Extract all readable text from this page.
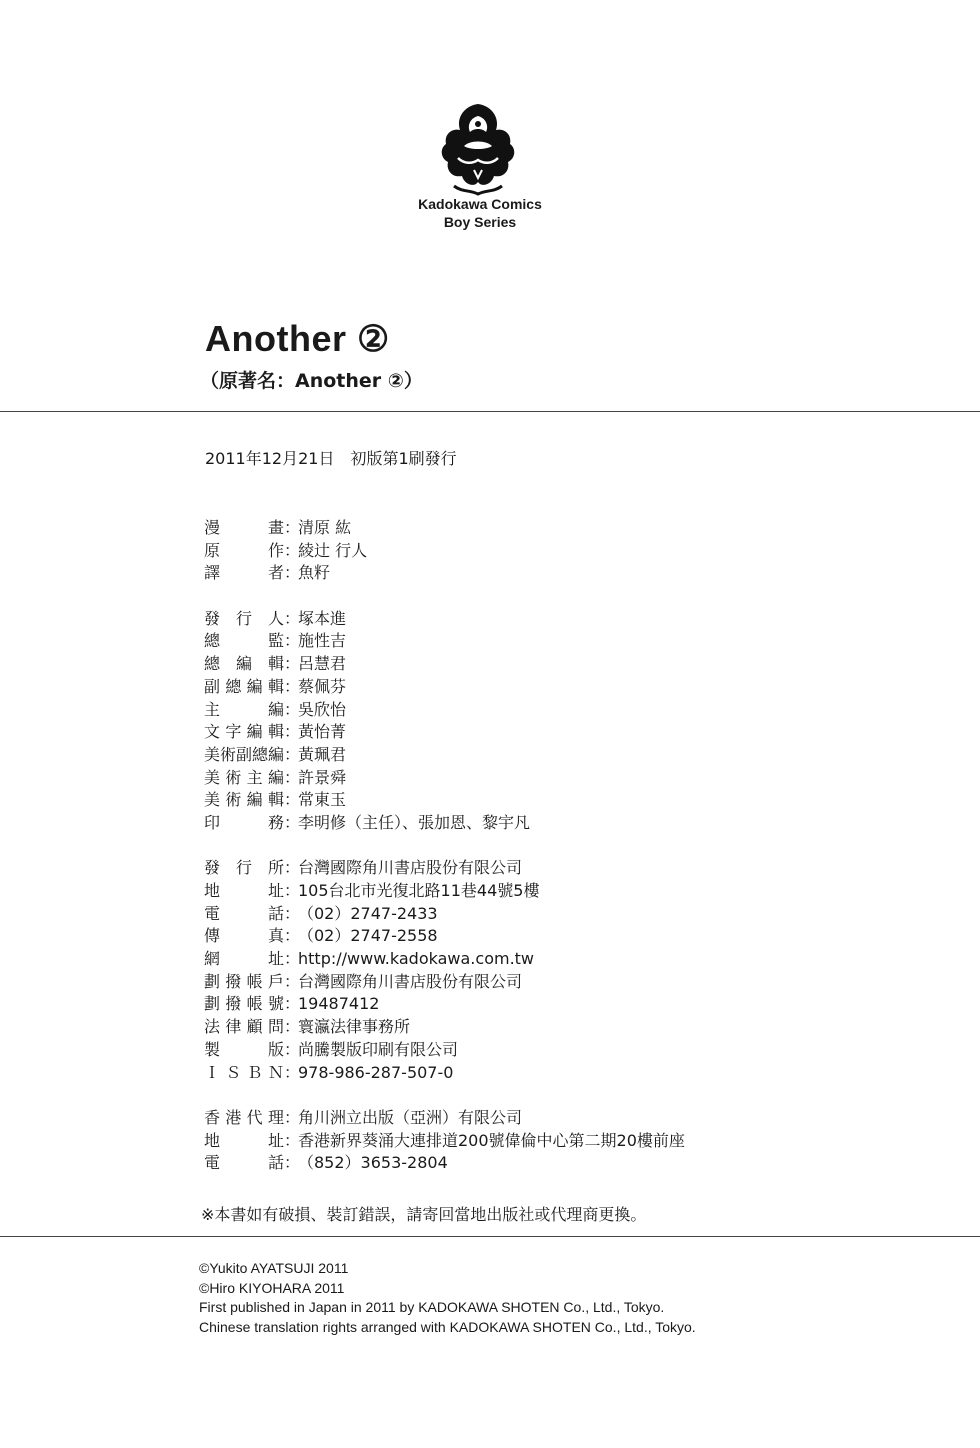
Kadokawa Comics
Boy Series
Another ②
（原著名：Another ②）
2011年12月21日　初版第1刷發行
漫　畫 ：
清原 紘
原　作 ：
綾辻 行人
譯　者 ：
魚籽
發行人 ：
塚本進
總　監 ：
施性吉
總編輯 ：
呂慧君
副總編輯 ：
蔡佩芬
主　編 ：
吳欣怡
文字編輯 ：
黃怡菁
美術副總編 ：
黃珮君
美術主編 ：
許景舜
美術編輯 ：
常東玉
印　務 ：
李明修（主任）、張加恩、黎宇凡
發行所 ：
台灣國際角川書店股份有限公司
地　址 ：
105台北市光復北路11巷44號5樓
電　話 ：
（02）2747-2433
傳　真 ：
（02）2747-2558
網　址 ：
http://www.kadokawa.com.tw
劃撥帳戶 ：
台灣國際角川書店股份有限公司
劃撥帳號 ：
19487412
法律顧問 ：
寰瀛法律事務所
製　版 ：
尚騰製版印刷有限公司
ＩＳＢＮ ：
978-986-287-507-0
香港代理 ：
角川洲立出版（亞洲）有限公司
地　址 ：
香港新界葵涌大連排道200號偉倫中心第二期20樓前座
電　話 ：
（852）3653-2804
※本書如有破損、裝訂錯誤，請寄回當地出版社或代理商更換。
©Yukito AYATSUJI 2011
©Hiro KIYOHARA 2011
First published in Japan in 2011 by KADOKAWA SHOTEN Co., Ltd., Tokyo.
Chinese translation rights arranged with KADOKAWA SHOTEN Co., Ltd., Tokyo.
